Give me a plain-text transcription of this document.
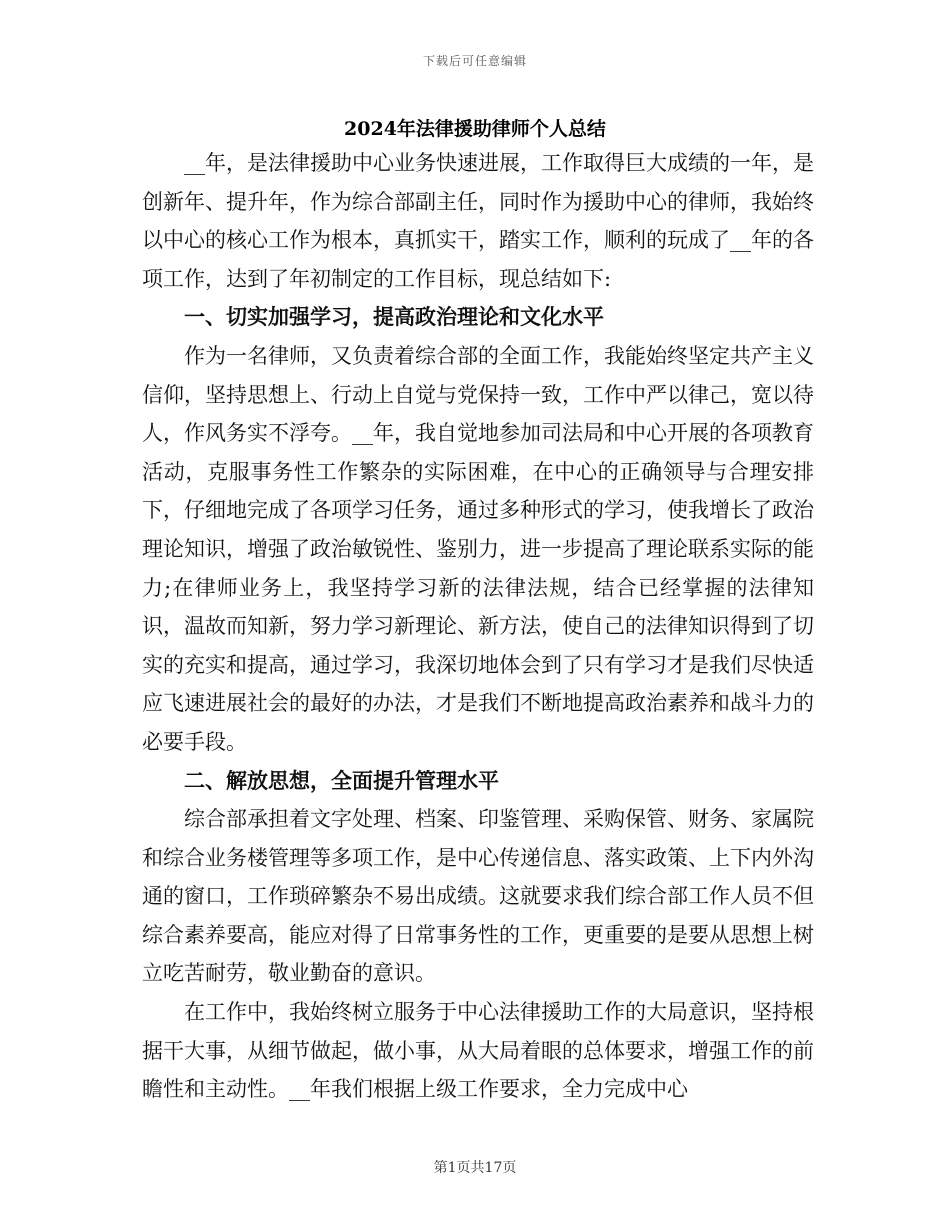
下载后可任意编辑
2024年法律援助律师个人总结

__年，是法律援助中心业务快速进展，工作取得巨大成绩的一年，是创新年、提升年，作为综合部副主任，同时作为援助中心的律师，我始终以中心的核心工作为根本，真抓实干，踏实工作，顺利的玩成了__年的各项工作，达到了年初制定的工作目标，现总结如下:

一、切实加强学习，提高政治理论和文化水平

作为一名律师，又负责着综合部的全面工作，我能始终坚定共产主义信仰，坚持思想上、行动上自觉与党保持一致，工作中严以律己，宽以待人，作风务实不浮夸。__年，我自觉地参加司法局和中心开展的各项教育活动，克服事务性工作繁杂的实际困难，在中心的正确领导与合理安排下，仔细地完成了各项学习任务，通过多种形式的学习，使我增长了政治理论知识，增强了政治敏锐性、鉴别力，进一步提高了理论联系实际的能力;在律师业务上，我坚持学习新的法律法规，结合已经掌握的法律知识，温故而知新，努力学习新理论、新方法，使自己的法律知识得到了切实的充实和提高，通过学习，我深切地体会到了只有学习才是我们尽快适应飞速进展社会的最好的办法，才是我们不断地提高政治素养和战斗力的必要手段。

二、解放思想，全面提升管理水平

综合部承担着文字处理、档案、印鉴管理、采购保管、财务、家属院和综合业务楼管理等多项工作，是中心传递信息、落实政策、上下内外沟通的窗口，工作琐碎繁杂不易出成绩。这就要求我们综合部工作人员不但综合素养要高，能应对得了日常事务性的工作，更重要的是要从思想上树立吃苦耐劳，敬业勤奋的意识。

在工作中，我始终树立服务于中心法律援助工作的大局意识，坚持根据干大事，从细节做起，做小事，从大局着眼的总体要求，增强工作的前瞻性和主动性。__年我们根据上级工作要求，全力完成中心

第1页共17页
